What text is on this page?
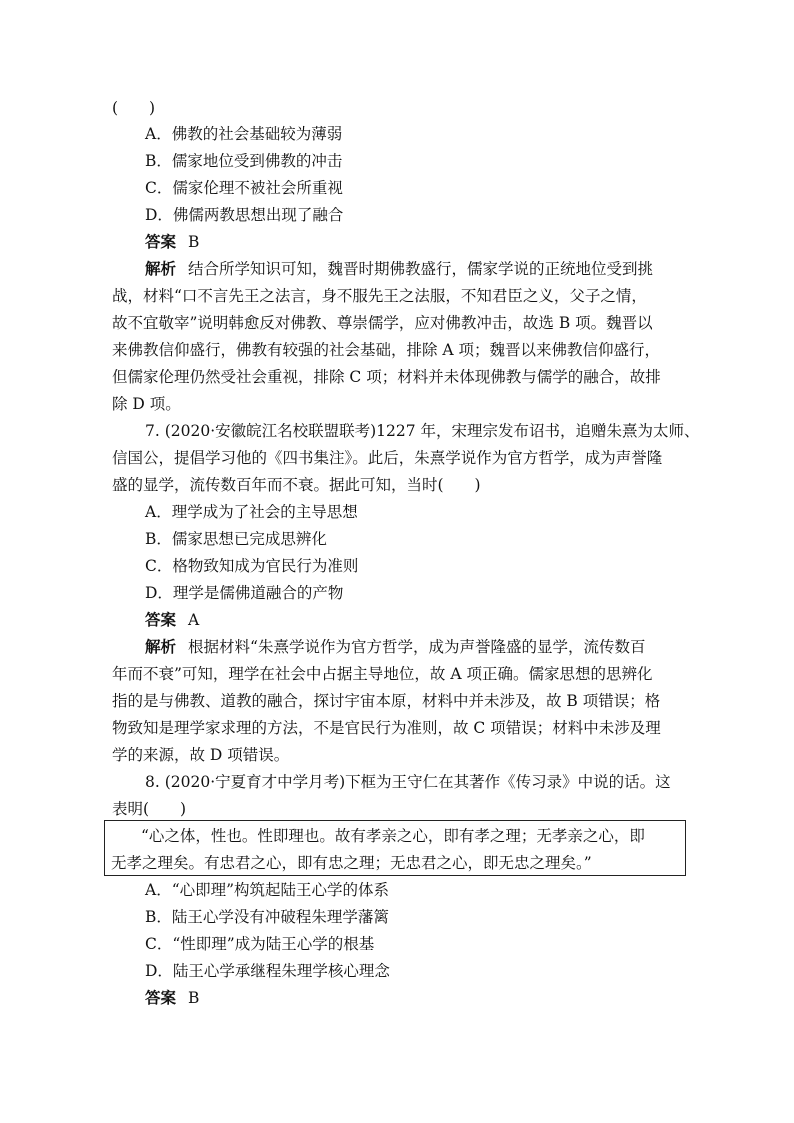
(　　)
A．佛教的社会基础较为薄弱
B．儒家地位受到佛教的冲击
C．儒家伦理不被社会所重视
D．佛儒两教思想出现了融合
答案 B
解析 结合所学知识可知，魏晋时期佛教盛行，儒家学说的正统地位受到挑
战，材料“口不言先王之法言，身不服先王之法服，不知君臣之义，父子之情，
故不宜敬宰”说明韩愈反对佛教、尊崇儒学，应对佛教冲击，故选 B 项。魏晋以
来佛教信仰盛行，佛教有较强的社会基础，排除 A 项；魏晋以来佛教信仰盛行，
但儒家伦理仍然受社会重视，排除 C 项；材料并未体现佛教与儒学的融合，故排
除 D 项。
7. (2020·安徽皖江名校联盟联考)1227 年，宋理宗发布诏书，追赠朱熹为太师、
信国公，提倡学习他的《四书集注》。此后，朱熹学说作为官方哲学，成为声誉隆
盛的显学，流传数百年而不衰。据此可知，当时(　　)
A．理学成为了社会的主导思想
B．儒家思想已完成思辨化
C．格物致知成为官民行为准则
D．理学是儒佛道融合的产物
答案 A
解析 根据材料“朱熹学说作为官方哲学，成为声誉隆盛的显学，流传数百
年而不衰”可知，理学在社会中占据主导地位，故 A 项正确。儒家思想的思辨化
指的是与佛教、道教的融合，探讨宇宙本原，材料中并未涉及，故 B 项错误；格
物致知是理学家求理的方法，不是官民行为准则，故 C 项错误；材料中未涉及理
学的来源，故 D 项错误。
8. (2020·宁夏育才中学月考)下框为王守仁在其著作《传习录》中说的话。这
表明(　　)
“心之体，性也。性即理也。故有孝亲之心，即有孝之理；无孝亲之心，即
无孝之理矣。有忠君之心，即有忠之理；无忠君之心，即无忠之理矣。”
A．“心即理”构筑起陆王心学的体系
B．陆王心学没有冲破程朱理学藩篱
C．“性即理”成为陆王心学的根基
D．陆王心学承继程朱理学核心理念
答案 B
